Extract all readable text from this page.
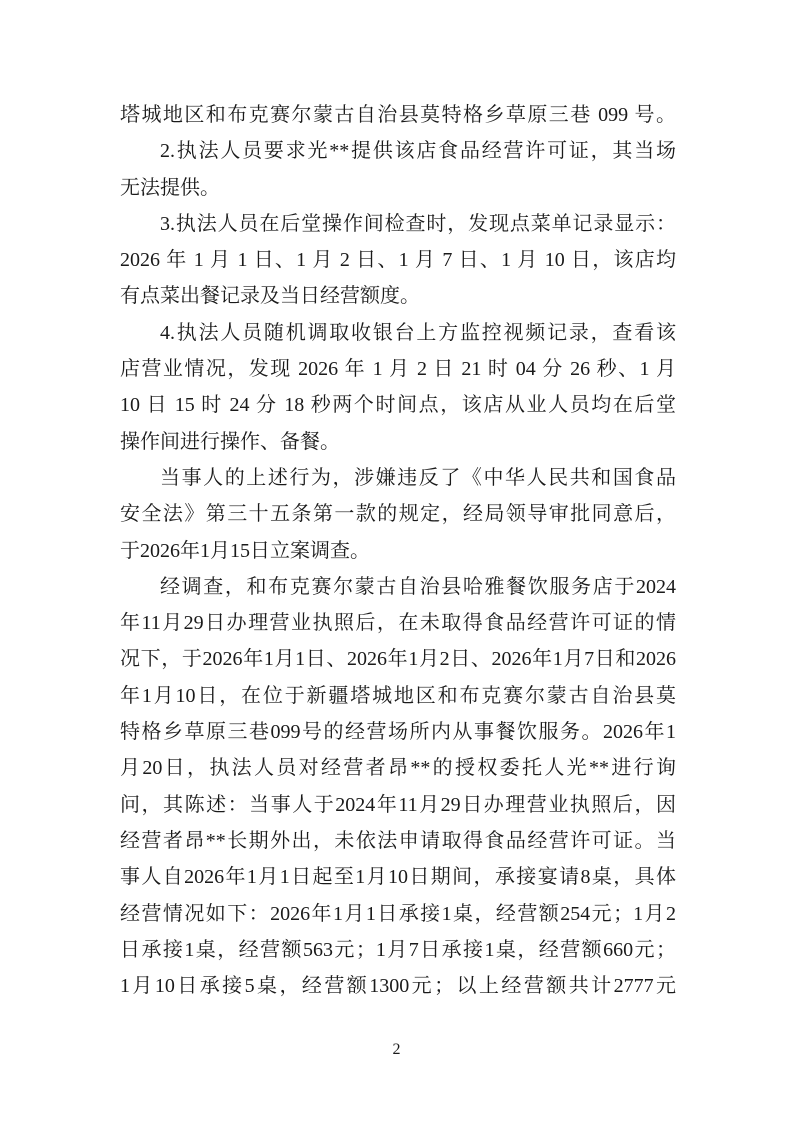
塔城地区和布克赛尔蒙古自治县莫特格乡草原三巷 099 号。
2.执法人员要求光**提供该店食品经营许可证，其当场
无法提供。
3.执法人员在后堂操作间检查时，发现点菜单记录显示：
2026 年 1 月 1 日、1 月 2 日、1 月 7 日、1 月 10 日，该店均
有点菜出餐记录及当日经营额度。
4.执法人员随机调取收银台上方监控视频记录，查看该
店营业情况，发现 2026 年 1 月 2 日 21 时 04 分 26 秒、1 月
10 日 15 时 24 分 18 秒两个时间点，该店从业人员均在后堂
操作间进行操作、备餐。
当事人的上述行为，涉嫌违反了《中华人民共和国食品
安全法》第三十五条第一款的规定，经局领导审批同意后，
于2026年1月15日立案调查。
经调查，和布克赛尔蒙古自治县哈雅餐饮服务店于2024
年11月29日办理营业执照后，在未取得食品经营许可证的情
况下，于2026年1月1日、2026年1月2日、2026年1月7日和2026
年1月10日，在位于新疆塔城地区和布克赛尔蒙古自治县莫
特格乡草原三巷099号的经营场所内从事餐饮服务。2026年1
月20日，执法人员对经营者昂**的授权委托人光**进行询
问，其陈述：当事人于2024年11月29日办理营业执照后，因
经营者昂**长期外出，未依法申请取得食品经营许可证。当
事人自2026年1月1日起至1月10日期间，承接宴请8桌，具体
经营情况如下：2026年1月1日承接1桌，经营额254元；1月2
日承接1桌，经营额563元；1月7日承接1桌，经营额660元；
1月10日承接5桌，经营额1300元；以上经营额共计2777元
2
